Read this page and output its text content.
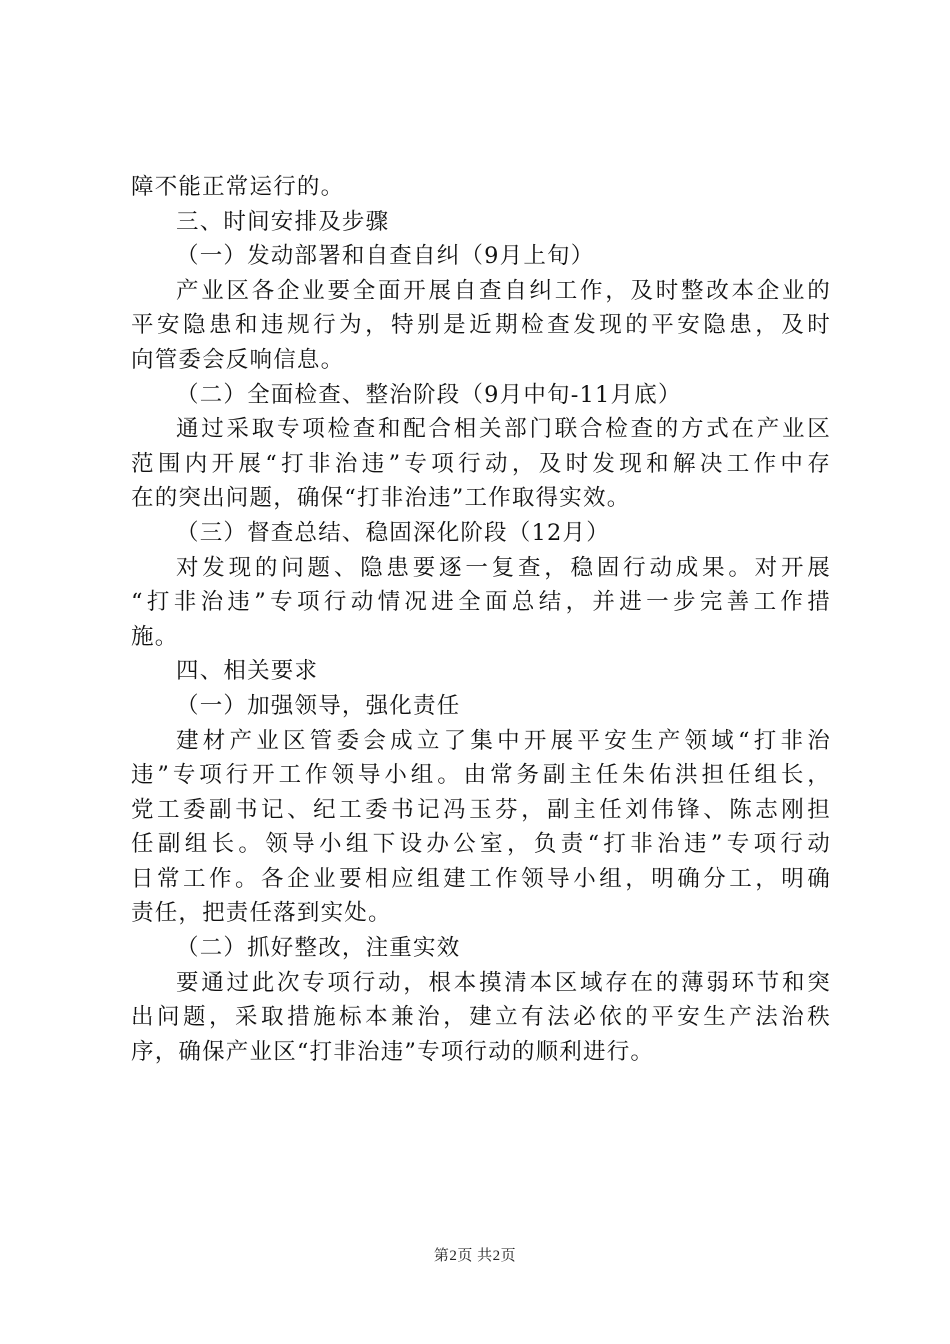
障不能正常运行的。
三、时间安排及步骤
（一）发动部署和自查自纠（9月上旬）
产业区各企业要全面开展自查自纠工作，及时整改本企业的
平安隐患和违规行为，特别是近期检查发现的平安隐患，及时
向管委会反响信息。
（二）全面检查、整治阶段（9月中旬-11月底）
通过采取专项检查和配合相关部门联合检查的方式在产业区
范围内开展“打非治违”专项行动，及时发现和解决工作中存
在的突出问题，确保“打非治违”工作取得实效。
（三）督查总结、稳固深化阶段（12月）
对发现的问题、隐患要逐一复查，稳固行动成果。对开展
“打非治违”专项行动情况进全面总结，并进一步完善工作措
施。
四、相关要求
（一）加强领导，强化责任
建材产业区管委会成立了集中开展平安生产领域“打非治
违”专项行开工作领导小组。由常务副主任朱佑洪担任组长，
党工委副书记、纪工委书记冯玉芬，副主任刘伟锋、陈志刚担
任副组长。领导小组下设办公室，负责“打非治违”专项行动
日常工作。各企业要相应组建工作领导小组，明确分工，明确
责任，把责任落到实处。
（二）抓好整改，注重实效
要通过此次专项行动，根本摸清本区域存在的薄弱环节和突
出问题，采取措施标本兼治，建立有法必依的平安生产法治秩
序，确保产业区“打非治违”专项行动的顺利进行。
第2页 共2页
